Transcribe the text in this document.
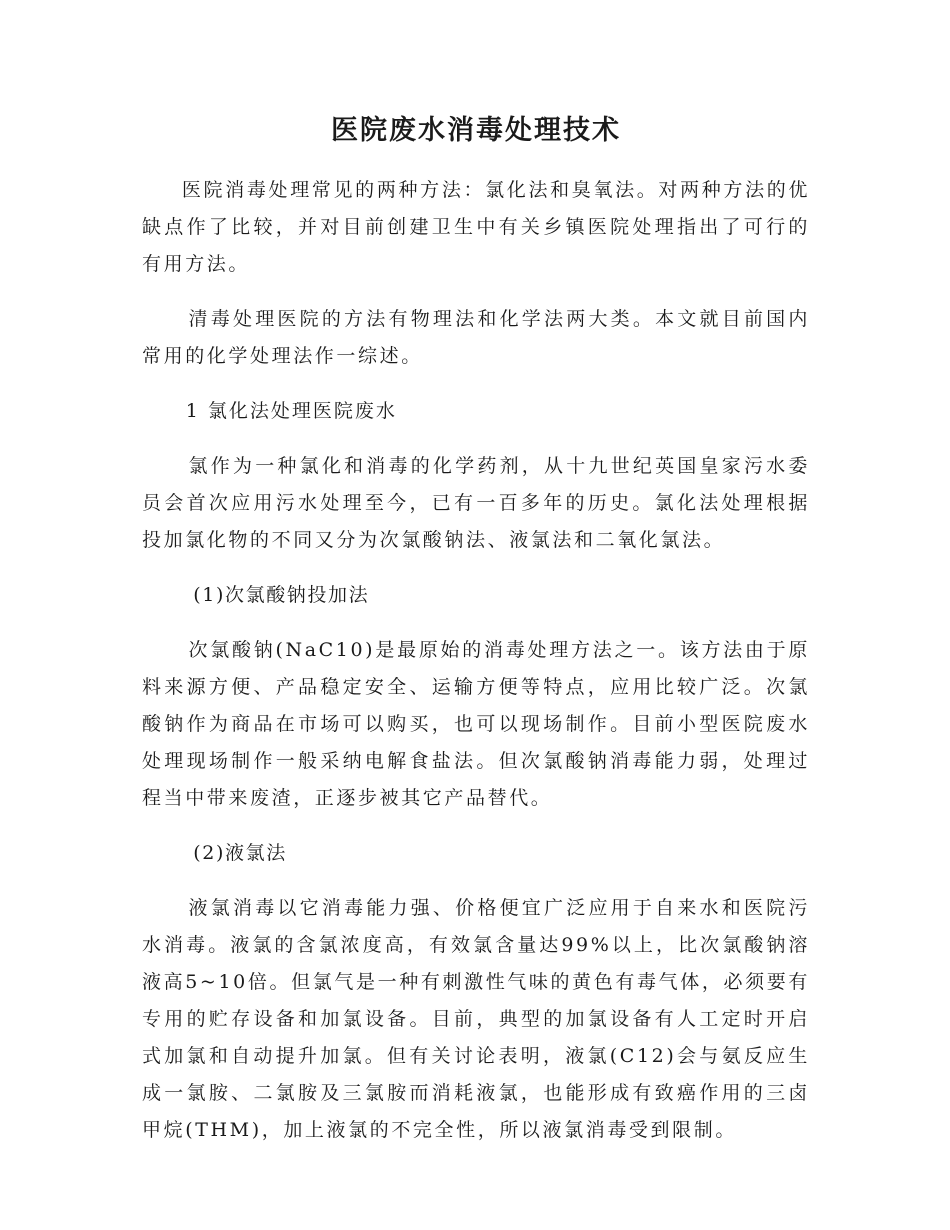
医院废水消毒处理技术

医院消毒处理常见的两种方法：氯化法和臭氧法。对两种方法的优缺点作了比较，并对目前创建卫生中有关乡镇医院处理指出了可行的有用方法。

清毒处理医院的方法有物理法和化学法两大类。本文就目前国内常用的化学处理法作一综述。

1 氯化法处理医院废水

氯作为一种氯化和消毒的化学药剂，从十九世纪英国皇家污水委员会首次应用污水处理至今，已有一百多年的历史。氯化法处理根据投加氯化物的不同又分为次氯酸钠法、液氯法和二氧化氯法。

(1)次氯酸钠投加法

次氯酸钠(NaC10)是最原始的消毒处理方法之一。该方法由于原料来源方便、产品稳定安全、运输方便等特点，应用比较广泛。次氯酸钠作为商品在市场可以购买，也可以现场制作。目前小型医院废水处理现场制作一般采纳电解食盐法。但次氯酸钠消毒能力弱，处理过程当中带来废渣，正逐步被其它产品替代。

(2)液氯法

液氯消毒以它消毒能力强、价格便宜广泛应用于自来水和医院污水消毒。液氯的含氯浓度高，有效氯含量达99%以上，比次氯酸钠溶液高5~10倍。但氯气是一种有刺激性气味的黄色有毒气体，必须要有专用的贮存设备和加氯设备。目前，典型的加氯设备有人工定时开启式加氯和自动提升加氯。但有关讨论表明，液氯(C12)会与氨反应生成一氯胺、二氯胺及三氯胺而消耗液氯，也能形成有致癌作用的三卤甲烷(THM)，加上液氯的不完全性，所以液氯消毒受到限制。
